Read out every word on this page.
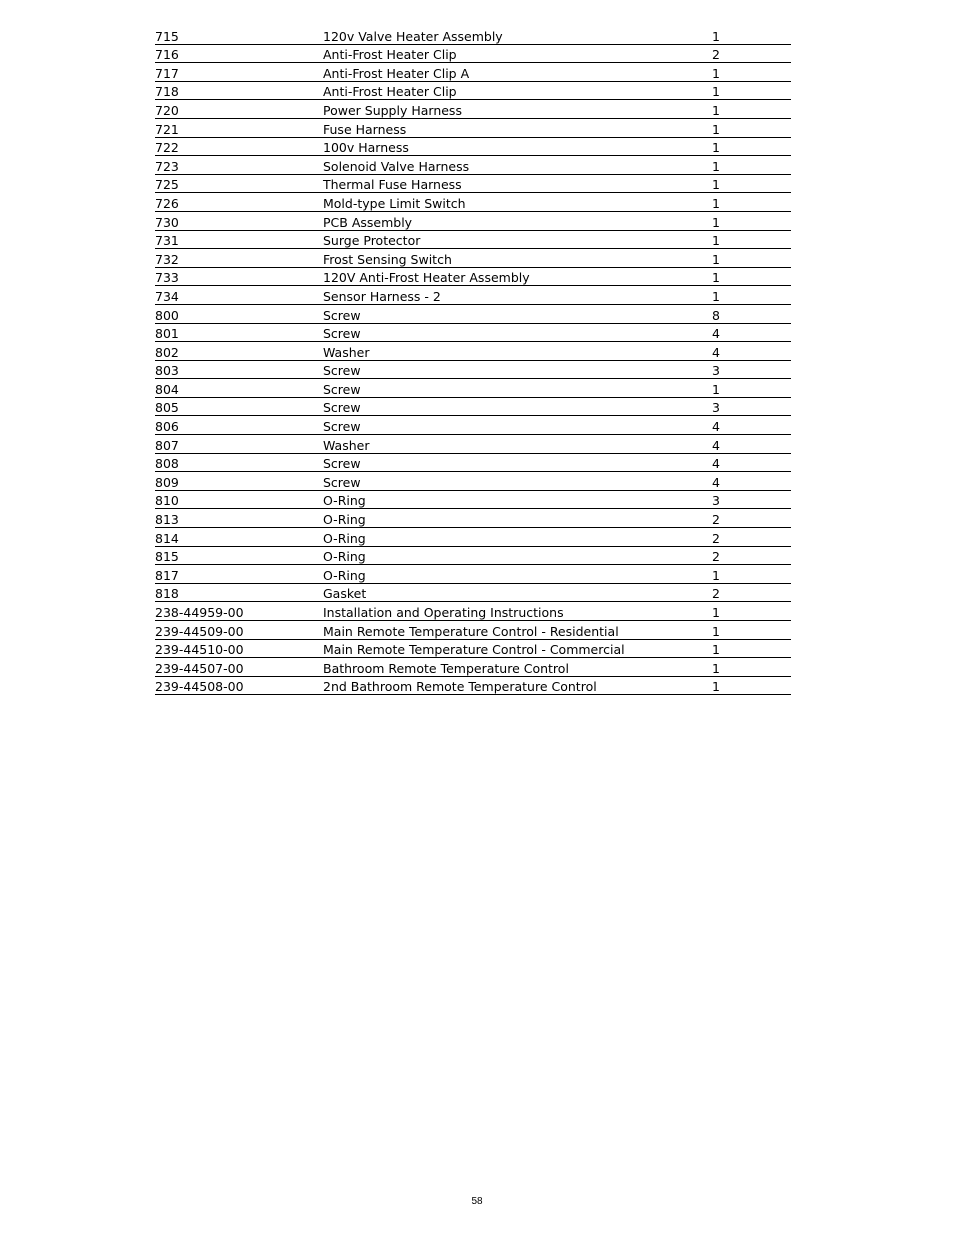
715	120v Valve Heater Assembly	1
716	Anti-Frost Heater Clip	2
717	Anti-Frost Heater Clip A	1
718	Anti-Frost Heater Clip	1
720	Power Supply Harness	1
721	Fuse Harness	1
722	100v Harness	1
723	Solenoid Valve Harness	1
725	Thermal Fuse Harness	1
726	Mold-type Limit Switch	1
730	PCB Assembly	1
731	Surge Protector	1
732	Frost Sensing Switch	1
733	120V Anti-Frost Heater Assembly	1
734	Sensor Harness - 2	1
800	Screw	8
801	Screw	4
802	Washer	4
803	Screw	3
804	Screw	1
805	Screw	3
806	Screw	4
807	Washer	4
808	Screw	4
809	Screw	4
810	O-Ring	3
813	O-Ring	2
814	O-Ring	2
815	O-Ring	2
817	O-Ring	1
818	Gasket	2
238-44959-00	Installation and Operating Instructions	1
239-44509-00	Main Remote Temperature Control - Residential	1
239-44510-00	Main Remote Temperature Control - Commercial	1
239-44507-00	Bathroom Remote Temperature Control	1
239-44508-00	2nd Bathroom Remote Temperature Control	1
58
